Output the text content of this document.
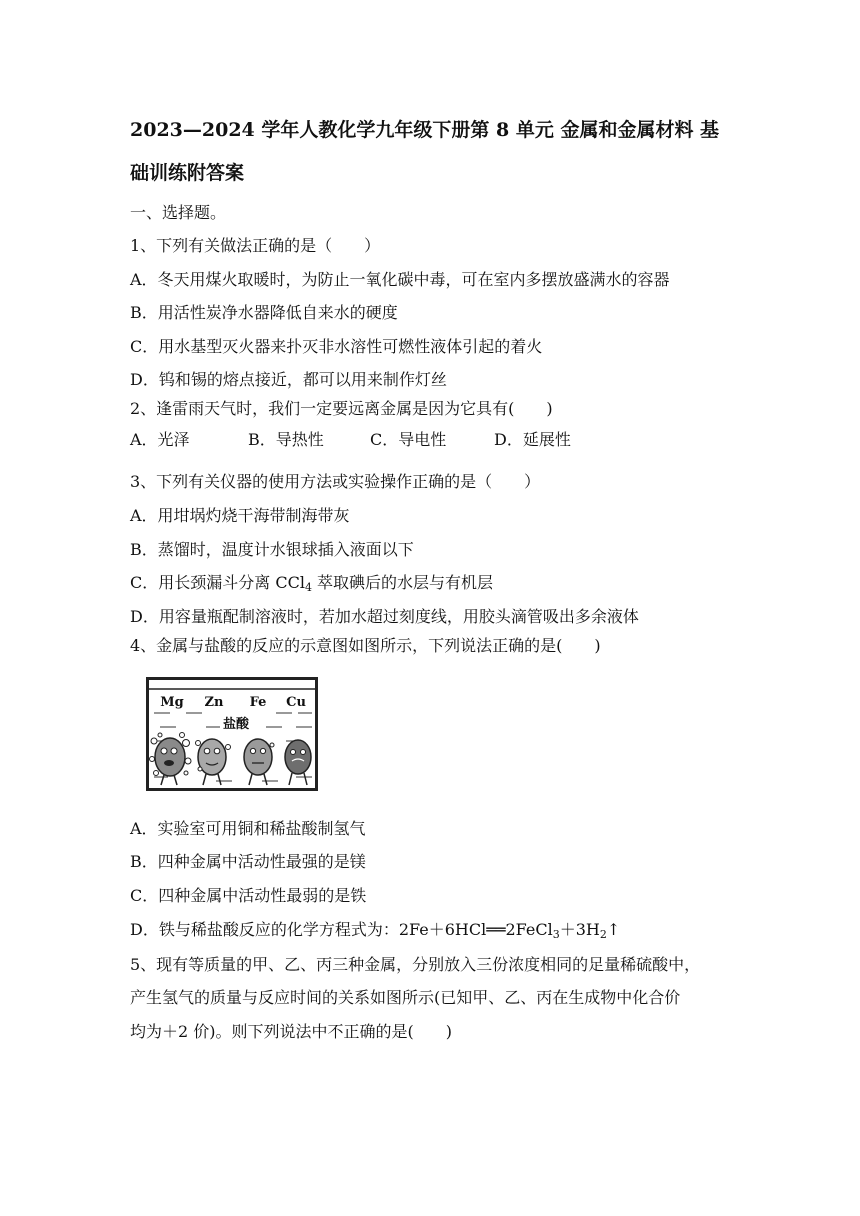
2023—2024 学年人教化学九年级下册第 8 单元 金属和金属材料 基
础训练附答案
一、选择题。
1、下列有关做法正确的是（　　）
A．冬天用煤火取暖时，为防止一氧化碳中毒，可在室内多摆放盛满水的容器
B．用活性炭净水器降低自来水的硬度
C．用水基型灭火器来扑灭非水溶性可燃性液体引起的着火
D．钨和锡的熔点接近，都可以用来制作灯丝
2、逢雷雨天气时，我们一定要远离金属是因为它具有(　　)
A．光泽	B．导热性	C．导电性	D．延展性
3、下列有关仪器的使用方法或实验操作正确的是（　　）
A．用坩埚灼烧干海带制海带灰
B．蒸馏时，温度计水银球插入液面以下
C．用长颈漏斗分离 CCl$_4$ 萃取碘后的水层与有机层
D．用容量瓶配制溶液时，若加水超过刻度线，用胶头滴管吸出多余液体
4、金属与盐酸的反应的示意图如图所示，下列说法正确的是(　　)
Mg Zn Fe Cu
盐酸
A．实验室可用铜和稀盐酸制氢气
B．四种金属中活动性最强的是镁
C．四种金属中活动性最弱的是铁
D．铁与稀盐酸反应的化学方程式为：$2Fe+6HCl══2FeCl_3+3H_2↑$
5、现有等质量的甲、乙、丙三种金属，分别放入三份浓度相同的足量稀硫酸中，
产生氢气的质量与反应时间的关系如图所示(已知甲、乙、丙在生成物中化合价
均为＋2 价)。则下列说法中不正确的是(　　)
